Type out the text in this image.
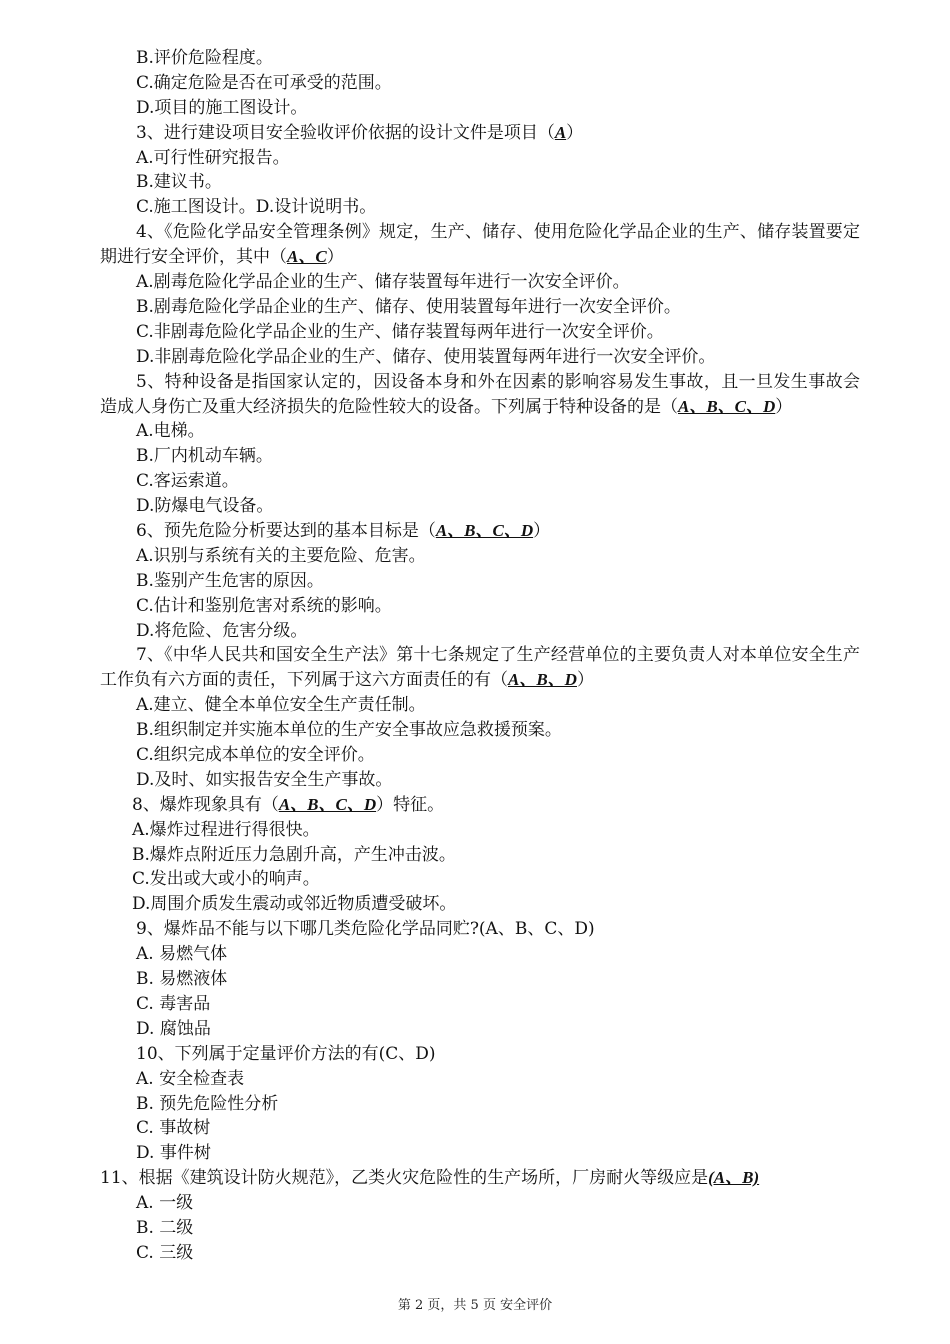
B.评价危险程度。
C.确定危险是否在可承受的范围。
D.项目的施工图设计。
3、进行建设项目安全验收评价依据的设计文件是项目（A）
A.可行性研究报告。
B.建议书。
C.施工图设计。D.设计说明书。
4、《危险化学品安全管理条例》规定，生产、储存、使用危险化学品企业的生产、储存装置要定期进行安全评价，其中（A、C）
A.剧毒危险化学品企业的生产、储存装置每年进行一次安全评价。
B.剧毒危险化学品企业的生产、储存、使用装置每年进行一次安全评价。
C.非剧毒危险化学品企业的生产、储存装置每两年进行一次安全评价。
D.非剧毒危险化学品企业的生产、储存、使用装置每两年进行一次安全评价。
5、特种设备是指国家认定的，因设备本身和外在因素的影响容易发生事故，且一旦发生事故会造成人身伤亡及重大经济损失的危险性较大的设备。下列属于特种设备的是（A、B、C、D）
A.电梯。
B.厂内机动车辆。
C.客运索道。
D.防爆电气设备。
6、预先危险分析要达到的基本目标是（A、B、C、D）
A.识别与系统有关的主要危险、危害。
B.鉴别产生危害的原因。
C.估计和鉴别危害对系统的影响。
D.将危险、危害分级。
7、《中华人民共和国安全生产法》第十七条规定了生产经营单位的主要负责人对本单位安全生产工作负有六方面的责任，下列属于这六方面责任的有（A、B、D）
A.建立、健全本单位安全生产责任制。
B.组织制定并实施本单位的生产安全事故应急救援预案。
C.组织完成本单位的安全评价。
D.及时、如实报告安全生产事故。
8、爆炸现象具有（A、B、C、D）特征。
A.爆炸过程进行得很快。
B.爆炸点附近压力急剧升高，产生冲击波。
C.发出或大或小的响声。
D.周围介质发生震动或邻近物质遭受破坏。
9、爆炸品不能与以下哪几类危险化学品同贮?(A、B、C、D)
A. 易燃气体
B. 易燃液体
C. 毒害品
D. 腐蚀品
10、下列属于定量评价方法的有(C、D)
A. 安全检查表
B. 预先危险性分析
C. 事故树
D. 事件树
11、根据《建筑设计防火规范》，乙类火灾危险性的生产场所，厂房耐火等级应是(A、B)
A. 一级
B. 二级
C. 三级
第 2 页，共 5 页 安全评价
